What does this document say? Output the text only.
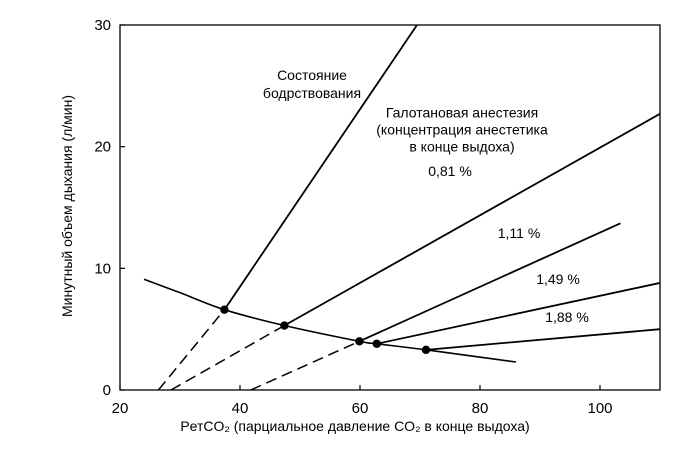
20	40	60	80	100
0
10
20
30
Состояние
бодрствования
Галотановая анестезия
(концентрация анестетика
в конце выдоха)
0,81 %
1,11 %
1,49 %
1,88 %
PетCO₂ (парциальное давление CO₂ в конце выдоха)
Минутный объем дыхания (л/мин)
